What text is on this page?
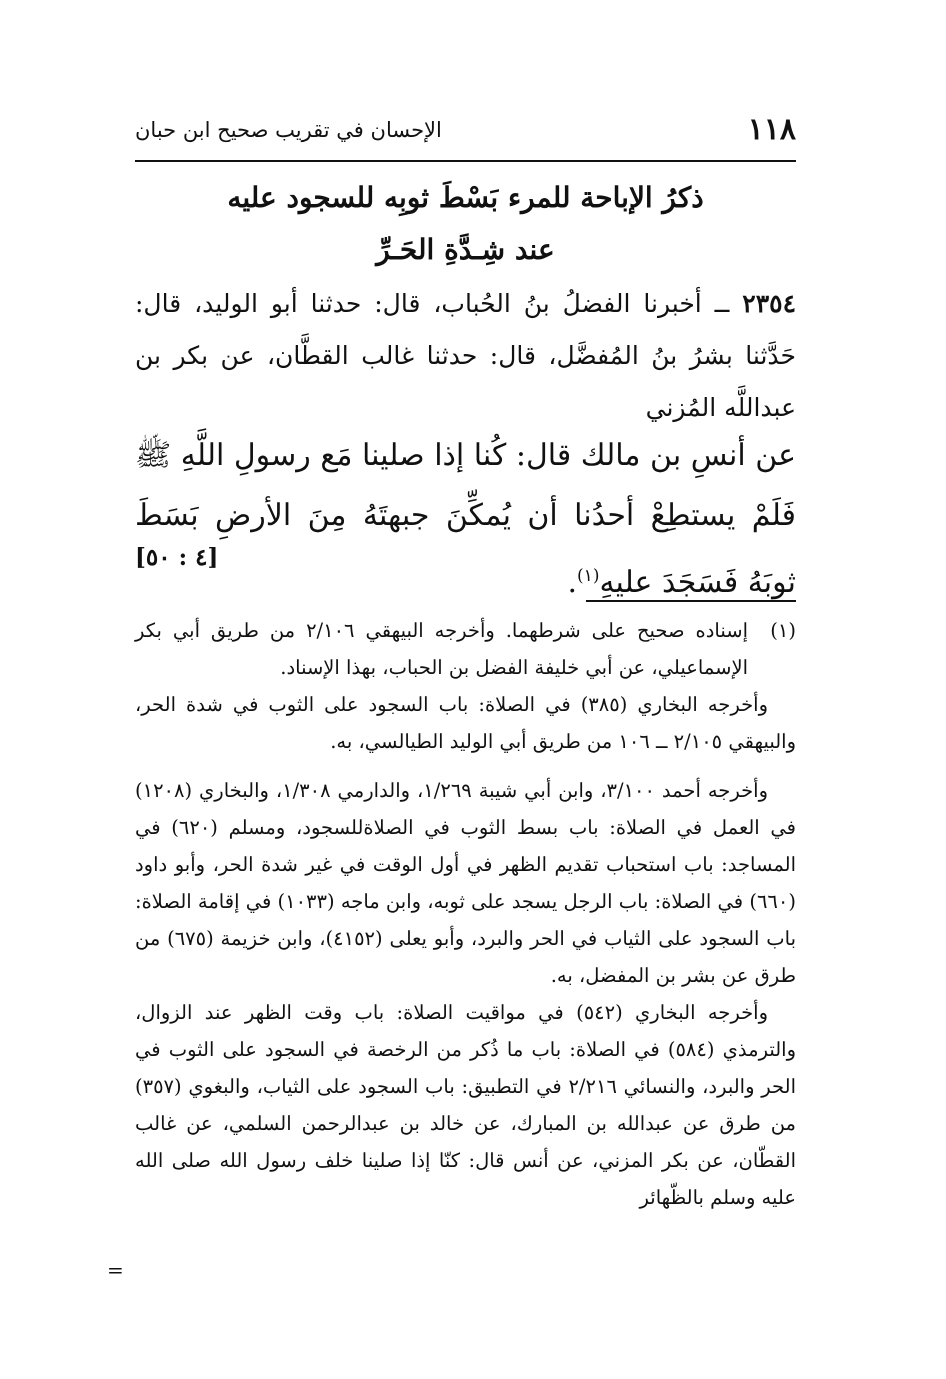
١١٨
الإحسان في تقريب صحيح ابن حبان
ذكرُ الإباحة للمرء بَسْطَ ثوبِه للسجود عليه
عند شِـدَّةِ الحَـرِّ
٢٣٥٤ ــ أخبرنا الفضلُ بنُ الحُباب، قال: حدثنا أبو الوليد، قال: حَدَّثنا بشرُ بنُ المُفضَّل، قال: حدثنا غالب القطَّان، عن بكر بن عبداللَّه المُزني
عن أنسِ بن مالك قال: كُنا إذا صلينا مَع رسولِ اللَّهِ ﷺ فَلَمْ يستطِعْ أحدُنا أن يُمكِّنَ جبهتَهُ مِنَ الأرضِ بَسَطَ ثوبَهُ فَسَجَدَ عليهِ$^{(١)}$.
[٤ : ٥٠]

(١)
إسناده صحيح على شرطهما. وأخرجه البيهقي ٢/١٠٦ من طريق أبي بكر الإسماعيلي، عن أبي خليفة الفضل بن الحباب، بهذا الإسناد.

وأخرجه البخاري (٣٨٥) في الصلاة: باب السجود على الثوب في شدة الحر، والبيهقي ٢/١٠٥ ــ ١٠٦ من طريق أبي الوليد الطيالسي، به.

وأخرجه أحمد ٣/١٠٠، وابن أبي شيبة ١/٢٦٩، والدارمي ١/٣٠٨، والبخاري (١٢٠٨) في العمل في الصلاة: باب بسط الثوب في الصلاةللسجود، ومسلم (٦٢٠) في المساجد: باب استحباب تقديم الظهر في أول الوقت في غير شدة الحر، وأبو داود (٦٦٠) في الصلاة: باب الرجل يسجد على ثوبه، وابن ماجه (١٠٣٣) في إقامة الصلاة: باب السجود على الثياب في الحر والبرد، وأبو يعلى (٤١٥٢)، وابن خزيمة (٦٧٥) من طرق عن بشر بن المفضل، به.

وأخرجه البخاري (٥٤٢) في مواقيت الصلاة: باب وقت الظهر عند الزوال، والترمذي (٥٨٤) في الصلاة: باب ما ذُكر من الرخصة في السجود على الثوب في الحر والبرد، والنسائي ٢/٢١٦ في التطبيق: باب السجود على الثياب، والبغوي (٣٥٧) من طرق عن عبدالله بن المبارك، عن خالد بن عبدالرحمن السلمي، عن غالب القطّان، عن بكر المزني، عن أنس قال: كنّا إذا صلينا خلف رسول الله صلى الله عليه وسلم بالظّهائر

=
